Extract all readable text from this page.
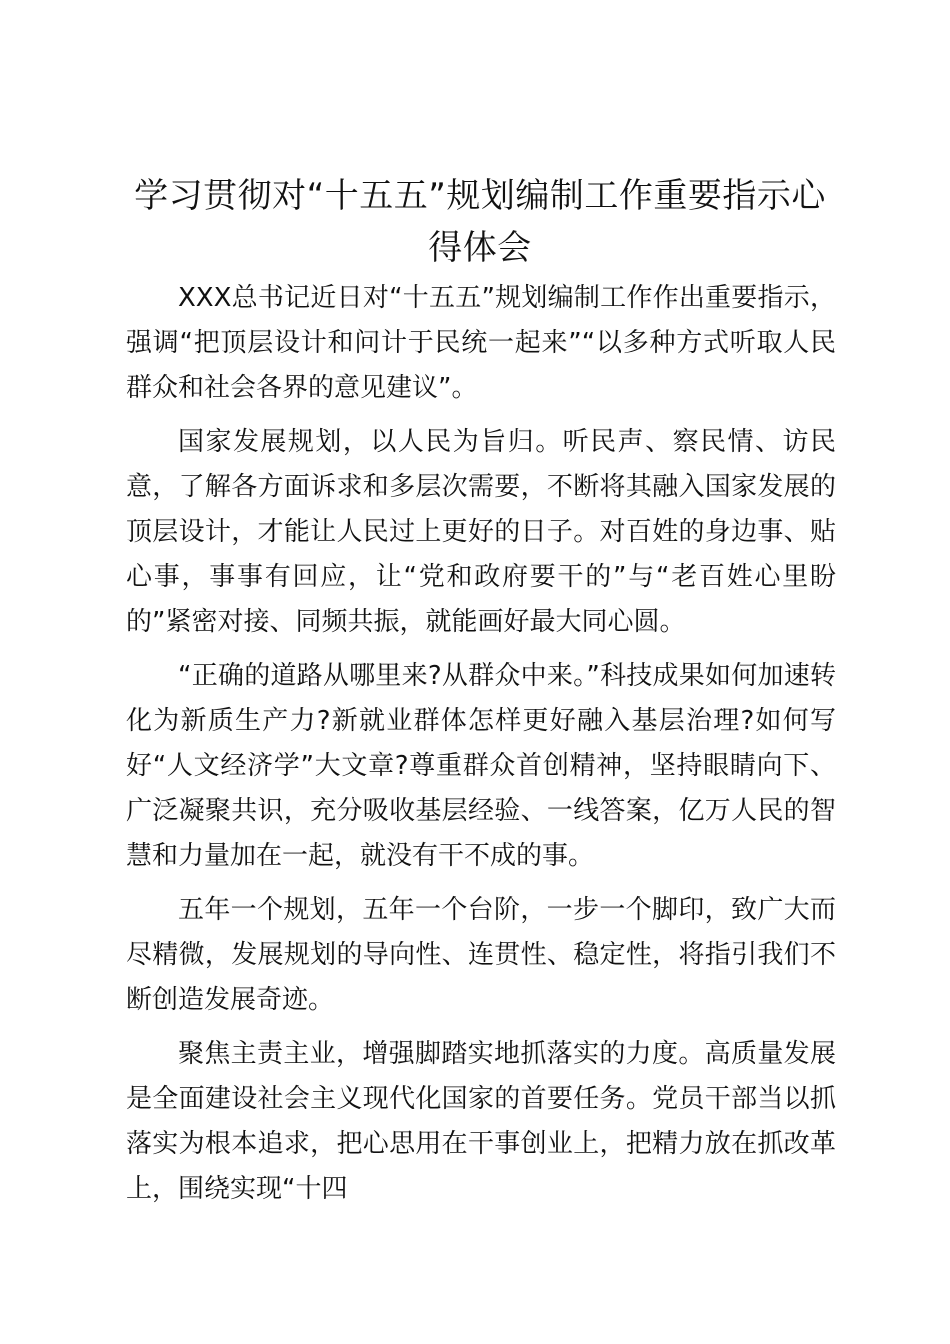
学习贯彻对“十五五”规划编制工作重要指示心得体会

XXX总书记近日对“十五五”规划编制工作作出重要指示，强调“把顶层设计和问计于民统一起来”“以多种方式听取人民群众和社会各界的意见建议”。

国家发展规划，以人民为旨归。听民声、察民情、访民意，了解各方面诉求和多层次需要，不断将其融入国家发展的顶层设计，才能让人民过上更好的日子。对百姓的身边事、贴心事，事事有回应，让“党和政府要干的”与“老百姓心里盼的”紧密对接、同频共振，就能画好最大同心圆。

“正确的道路从哪里来?从群众中来。”科技成果如何加速转化为新质生产力?新就业群体怎样更好融入基层治理?如何写好“人文经济学”大文章?尊重群众首创精神，坚持眼睛向下、广泛凝聚共识，充分吸收基层经验、一线答案，亿万人民的智慧和力量加在一起，就没有干不成的事。

五年一个规划，五年一个台阶，一步一个脚印，致广大而尽精微，发展规划的导向性、连贯性、稳定性，将指引我们不断创造发展奇迹。

聚焦主责主业，增强脚踏实地抓落实的力度。高质量发展是全面建设社会主义现代化国家的首要任务。党员干部当以抓落实为根本追求，把心思用在干事创业上，把精力放在抓改革上，围绕实现“十四
